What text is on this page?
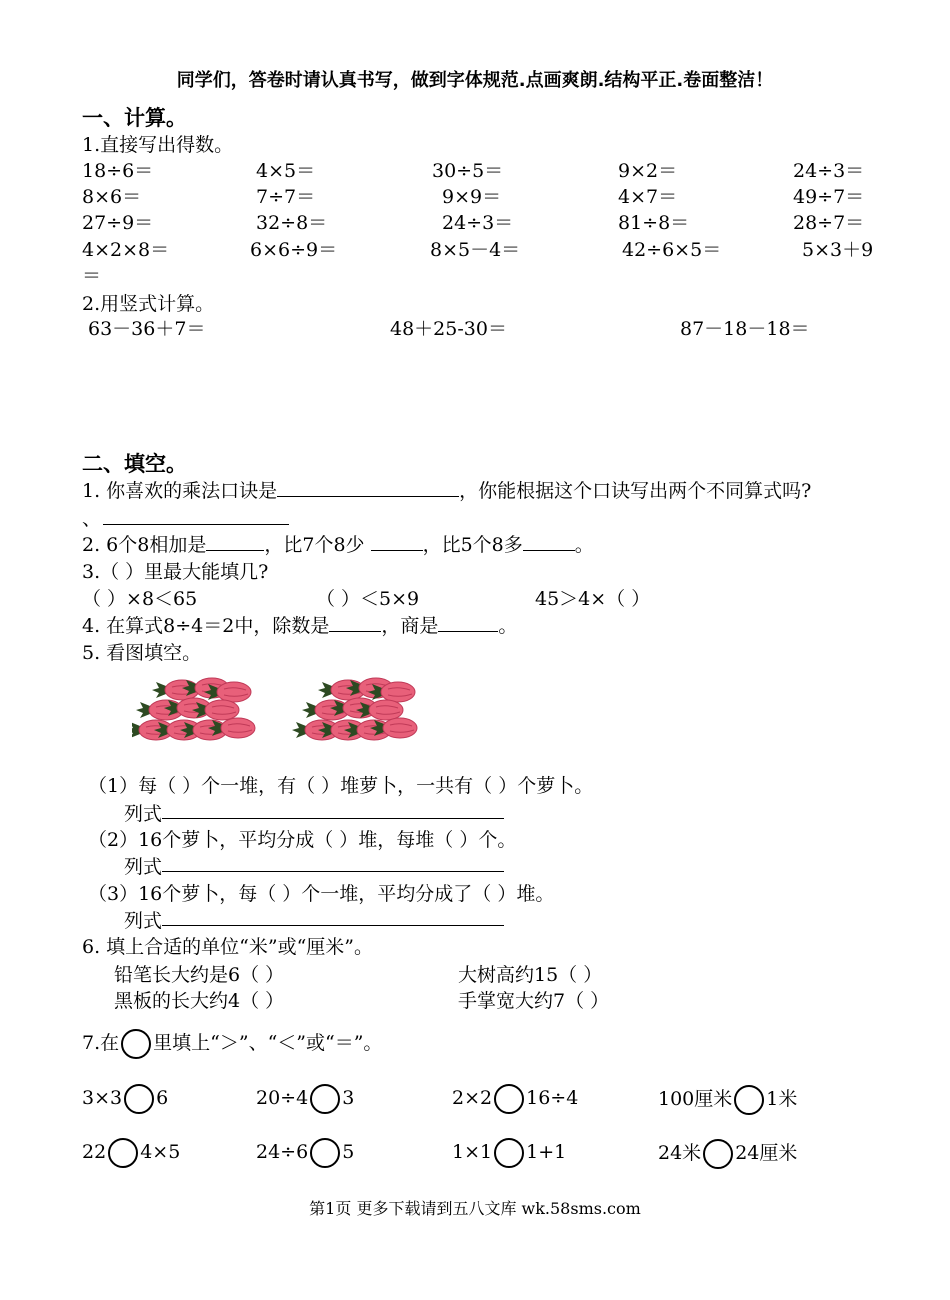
同学们，答卷时请认真书写，做到字体规范.点画爽朗.结构平正.卷面整洁！
一、计算。
1.直接写出得数。
18÷6＝	4×5＝	30÷5＝	9×2＝	24÷3＝
8×6＝	7÷7＝	9×9＝	4×7＝	49÷7＝
27÷9＝	32÷8＝	24÷3＝	81÷8＝	28÷7＝
4×2×8＝	6×6÷9＝	8×5－4＝	42÷6×5＝	5×3＋9
＝
2.用竖式计算。
63－36＋7＝	48＋25-30＝	87－18－18＝
二、填空。
1. 你喜欢的乘法口诀是	，你能根据这个口诀写出两个不同算式吗?
、
2. 6个8相加是	，比7个8少	，比5个8多	。
3.（ ）里最大能填几?
（ ）×8＜65	（ ）＜5×9	45＞4×（ ）
4. 在算式8÷4＝2中，除数是	，商是	。
5. 看图填空。
（1）每（ ）个一堆，有（ ）堆萝卜，一共有（ ）个萝卜。
列式
（2）16个萝卜，平均分成（ ）堆，每堆（ ）个。
列式
（3）16个萝卜，每（ ）个一堆，平均分成了（ ）堆。
列式
6. 填上合适的单位“米”或“厘米”。
铅笔长大约是6（ ）	大树高约15（ ）
黑板的长大约4（ ）	手掌宽大约7（ ）
7.在 里填上“＞”、“＜”或“＝”。
3×3 6	20÷4 3	2×2 16÷4	100厘米 1米
22 4×5	24÷6 5	1×1 1+1	24米 24厘米
第1页 更多下载请到五八文库 wk.58sms.com
